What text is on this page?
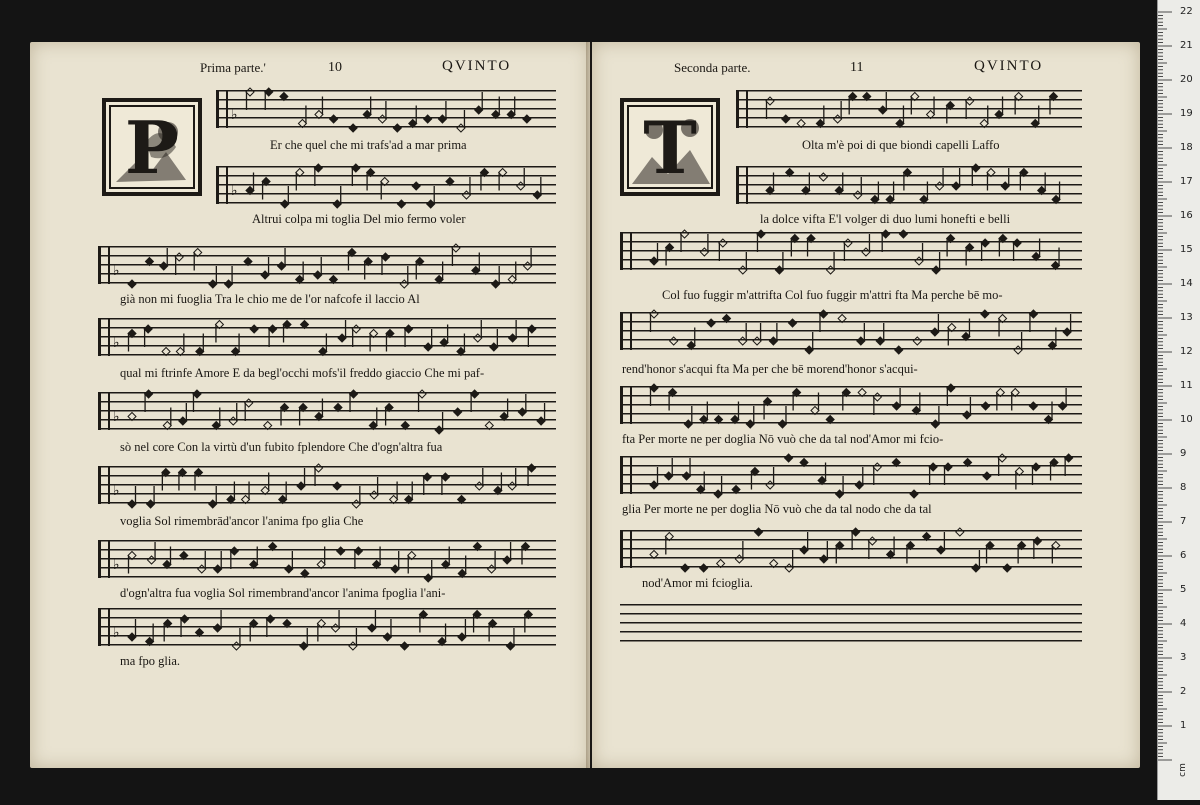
Prima parte.'	10	QVINTO
P	♭
Er che quel che mi trafs'ad a mar prima
♭
Altrui colpa mi toglia Del mio fermo voler
♭
già non mi fuoglia Tra le chio me de l'or nafcofe il laccio Al
♭
qual mi ftrinfe Amore E da begl'occhi mofs'il freddo giaccio Che mi paf-
♭
sò nel core Con la virtù d'un fubito fplendore Che d'ogn'altra fua
♭
voglia Sol rimembrād'ancor l'anima fpo glia Che
♭
d'ogn'altra fua voglia Sol rimembrand'ancor l'anima fpoglia l'ani-
♭
ma fpo glia.
Seconda parte.	11	QVINTO
T	Olta m'è poi di que biondi capelli Laffo
la dolce vifta E'l volger di duo lumi honefti e belli
Col fuo fuggir m'attrifta Col fuo fuggir m'attri fta Ma perche bē mo-
rend'honor s'acqui fta Ma per che bē morend'honor s'acqui-
fta Per morte ne per doglia Nō vuò che da tal nod'Amor mi fcio-
glia Per morte ne per doglia Nō vuò che da tal nodo che da tal
nod'Amor mi fcioglia.
cm
1
2
3
4
5
6
7
8
9
10
11
12
13
14
15
16
17
18
19
20
21
22
